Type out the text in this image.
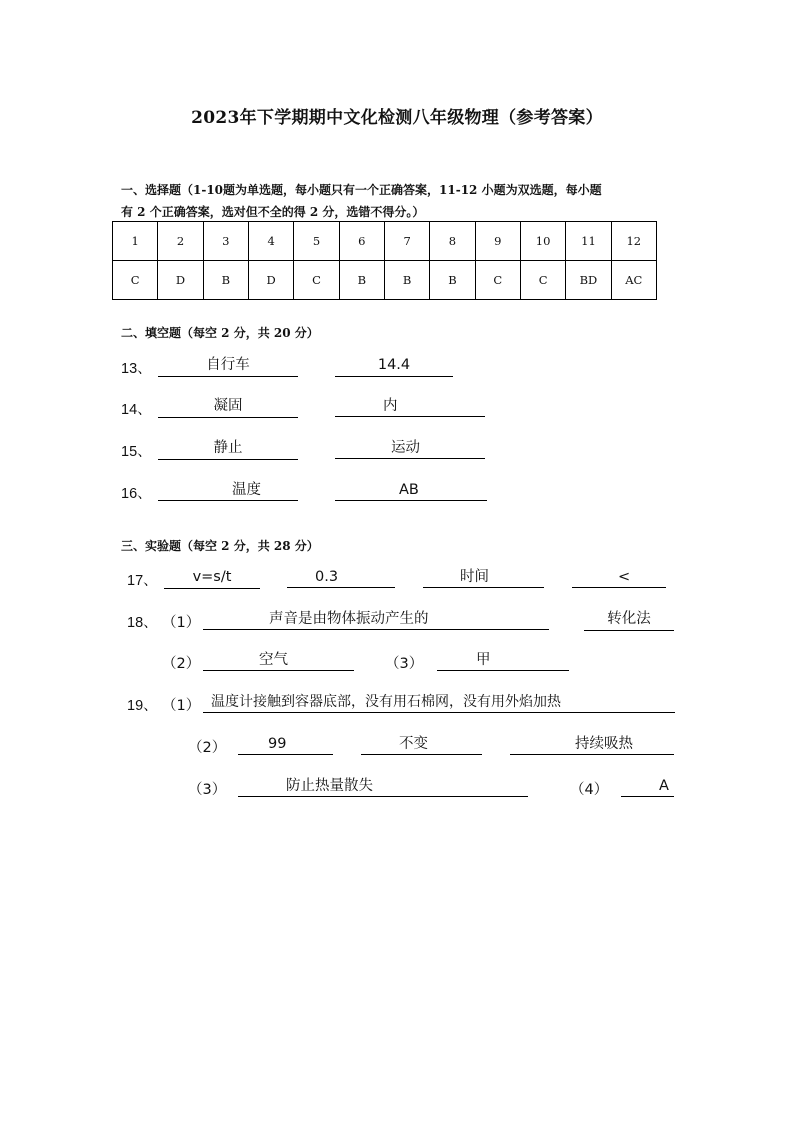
2023年下学期期中文化检测八年级物理（参考答案）
一、选择题（1-10题为单选题，每小题只有一个正确答案，11-12 小题为双选题，每小题
有 2 个正确答案，选对但不全的得 2 分，选错不得分。）
1	2	3	4	5	6	7	8	9	10	11	12
C	D	B	D	C	B	B	B	C	C	BD	AC
二、填空题（每空 2 分，共 20 分）
13、	自行车	14.4
14、	凝固	内
15、	静止	运动
16、	温度	AB
三、实验题（每空 2 分，共 28 分）
17、	v=s/t	0.3	时间	<
18、 （1）	声音是由物体振动产生的	转化法
（2）	空气	（3）	甲
19、 （1） 温度计接触到容器底部，没有用石棉网，没有用外焰加热
（2）	99	不变	持续吸热
（3）	防止热量散失	（4）	A
